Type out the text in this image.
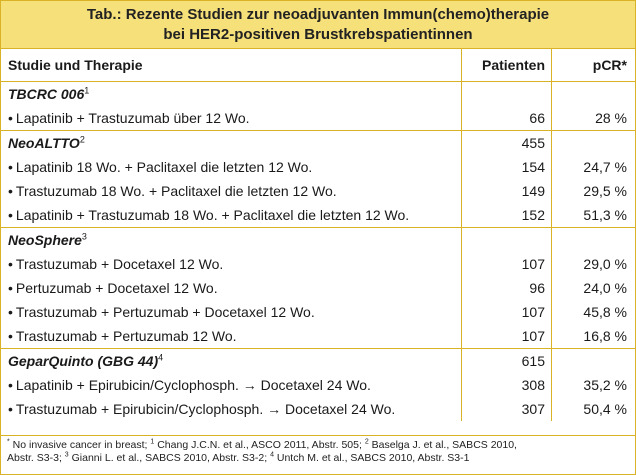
Tab.: Rezente Studien zur neoadjuvanten Immun(chemo)therapie
bei HER2-positiven Brustkrebspatientinnen
Studie und Therapie	Patienten	pCR*
TBCRC $006^1$		
• Lapatinib + Trastuzumab über 12 Wo.	66	28 %
NeoALTTO$^2$	455	
• Lapatinib 18 Wo. + Paclitaxel die letzten 12 Wo.	154	24,7 %
• Trastuzumab 18 Wo. + Paclitaxel die letzten 12 Wo.	149	29,5 %
• Lapatinib + Trastuzumab 18 Wo. + Paclitaxel die letzten 12 Wo.	152	51,3 %
NeoSphere$^3$		
• Trastuzumab + Docetaxel 12 Wo.	107	29,0 %
• Pertuzumab + Docetaxel 12 Wo.	96	24,0 %
• Trastuzumab + Pertuzumab + Docetaxel 12 Wo.	107	45,8 %
• Trastuzumab + Pertuzumab 12 Wo.	107	16,8 %
GeparQuinto (GBG 44)$^4$	615	
• Lapatinib + Epirubicin/Cyclophosph. → Docetaxel 24 Wo.	308	35,2 %
• Trastuzumab + Epirubicin/Cyclophosph. → Docetaxel 24 Wo.	307	50,4 %
* No invasive cancer in breast; $^1$ Chang J.C.N. et al., ASCO 2011, Abstr. 505; $^2$ Baselga J. et al., SABCS 2010,
Abstr. S3-3; $^3$ Gianni L. et al., SABCS 2010, Abstr. S3-2; $^4$ Untch M. et al., SABCS 2010, Abstr. S3-1
